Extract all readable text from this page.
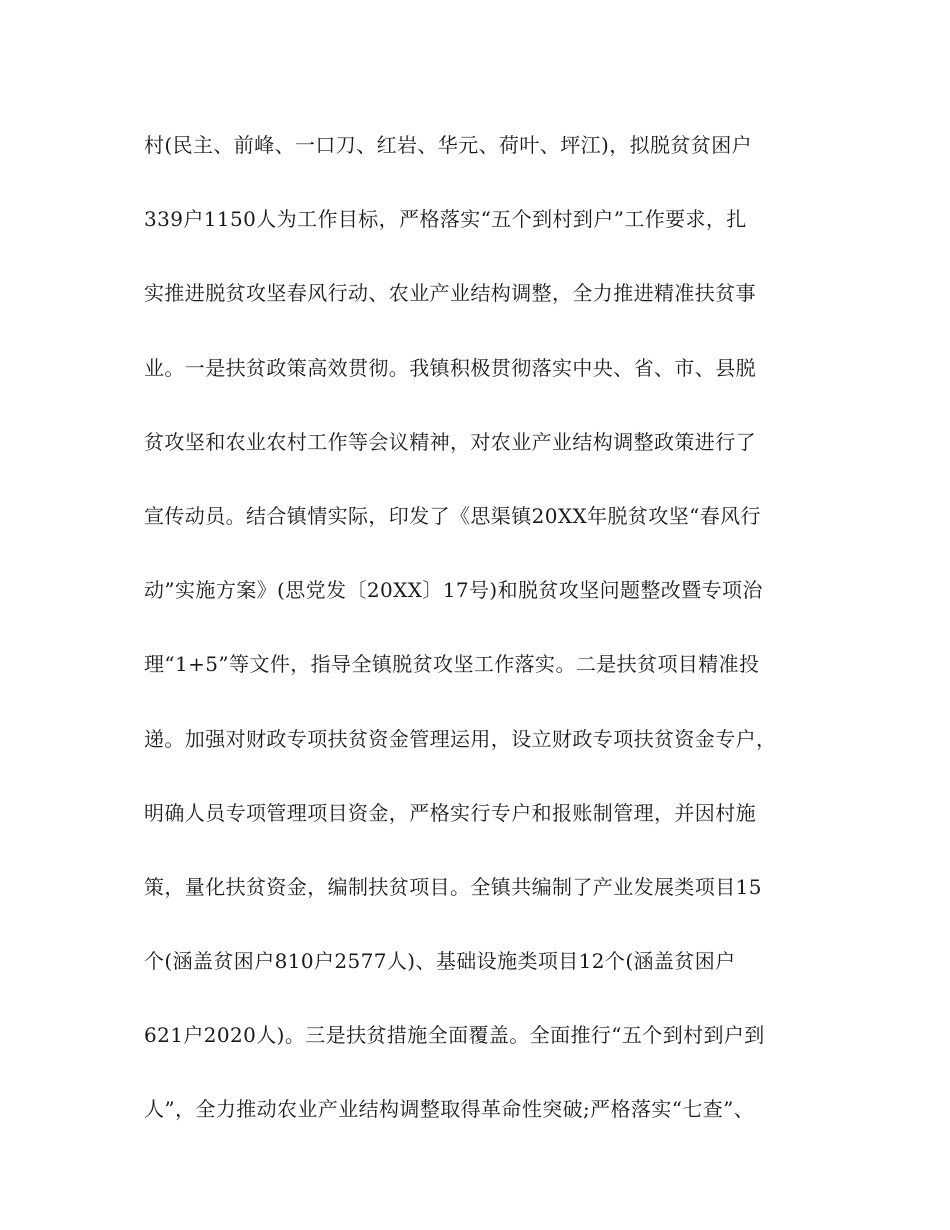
村(民主、前峰、一口刀、红岩、华元、荷叶、坪江)，拟脱贫贫困户
339户1150人为工作目标，严格落实“五个到村到户”工作要求，扎
实推进脱贫攻坚春风行动、农业产业结构调整，全力推进精准扶贫事
业。一是扶贫政策高效贯彻。我镇积极贯彻落实中央、省、市、县脱
贫攻坚和农业农村工作等会议精神，对农业产业结构调整政策进行了
宣传动员。结合镇情实际，印发了《思渠镇20XX年脱贫攻坚“春风行
动”实施方案》(思党发〔20XX〕17号)和脱贫攻坚问题整改暨专项治
理“1+5”等文件，指导全镇脱贫攻坚工作落实。二是扶贫项目精准投
递。加强对财政专项扶贫资金管理运用，设立财政专项扶贫资金专户，
明确人员专项管理项目资金，严格实行专户和报账制管理，并因村施
策，量化扶贫资金，编制扶贫项目。全镇共编制了产业发展类项目15
个(涵盖贫困户810户2577人)、基础设施类项目12个(涵盖贫困户
621户2020人)。三是扶贫措施全面覆盖。全面推行“五个到村到户到
人”，全力推动农业产业结构调整取得革命性突破;严格落实“七查”、
